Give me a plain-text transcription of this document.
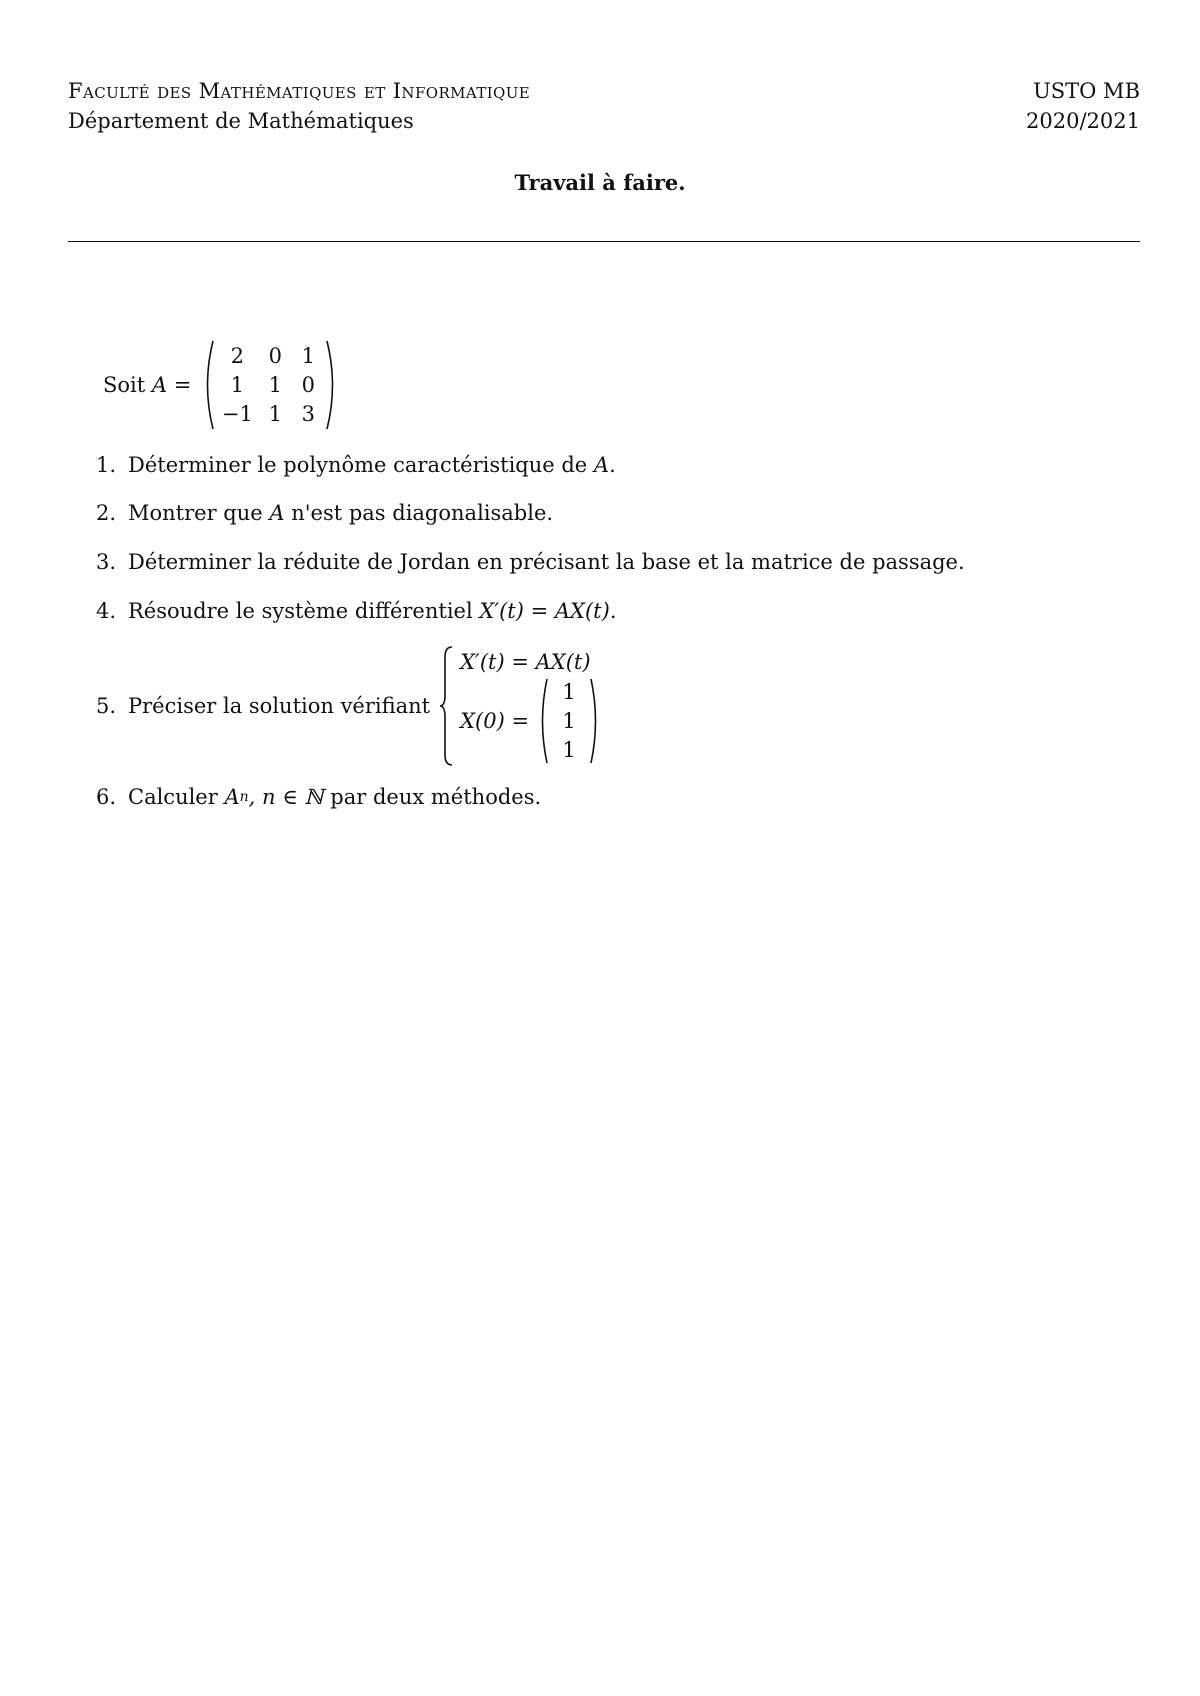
Faculté des Mathématiques et Informatique
Département de Mathématiques
USTO MB
2020/2021
Travail à faire.
Soit A =
2	0 1
1	1 0
−1 1 3
1. Déterminer le polynôme caractéristique de A .
2. Montrer que A n'est pas diagonalisable.
3. Déterminer la réduite de Jordan en précisant la base et la matrice de passage.
4. Résoudre le système différentiel X′(t) = AX(t) .
5. Préciser la solution vérifiant
X′(t) = AX(t)
X(0) =
1
1
1
6. Calculer A n , n ∈ ℕ par deux méthodes.
